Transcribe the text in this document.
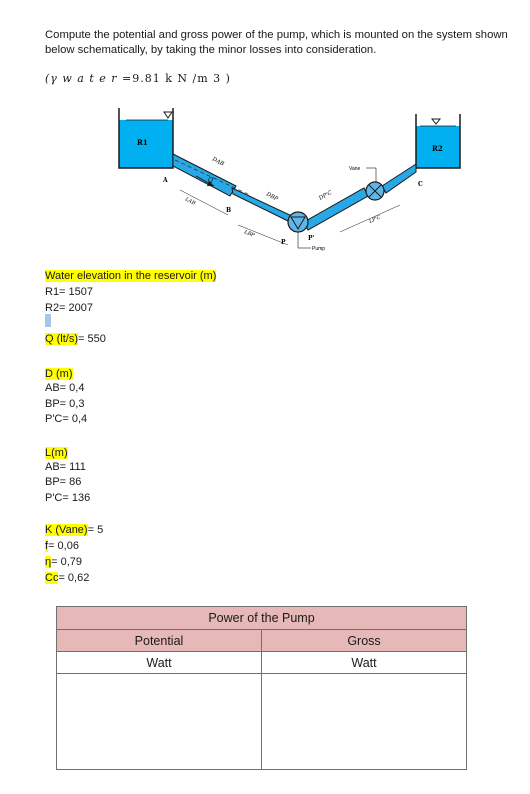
Compute the potential and gross power of the pump, which is mounted on the system shown below schematically, by taking the minor losses into consideration.
(γ w a t e r =9.81 k N /m 3 )
R1
R2
Pump
Vane
Q
A
B
P
P'
C
DAB
DBP	DP'C
LAB
LBP
LP'C
Water elevation in the reservoir (m)
R1= 1507
R2= 2007
Q (lt/s)= 550
D (m)
AB= 0,4
BP= 0,3
P'C= 0,4
L(m)
AB= 111
BP= 86
P'C= 136
K (Vane)= 5
f= 0,06
η= 0,79
Cc= 0,62
Power of the Pump	
Potential	Gross
Watt	Watt
